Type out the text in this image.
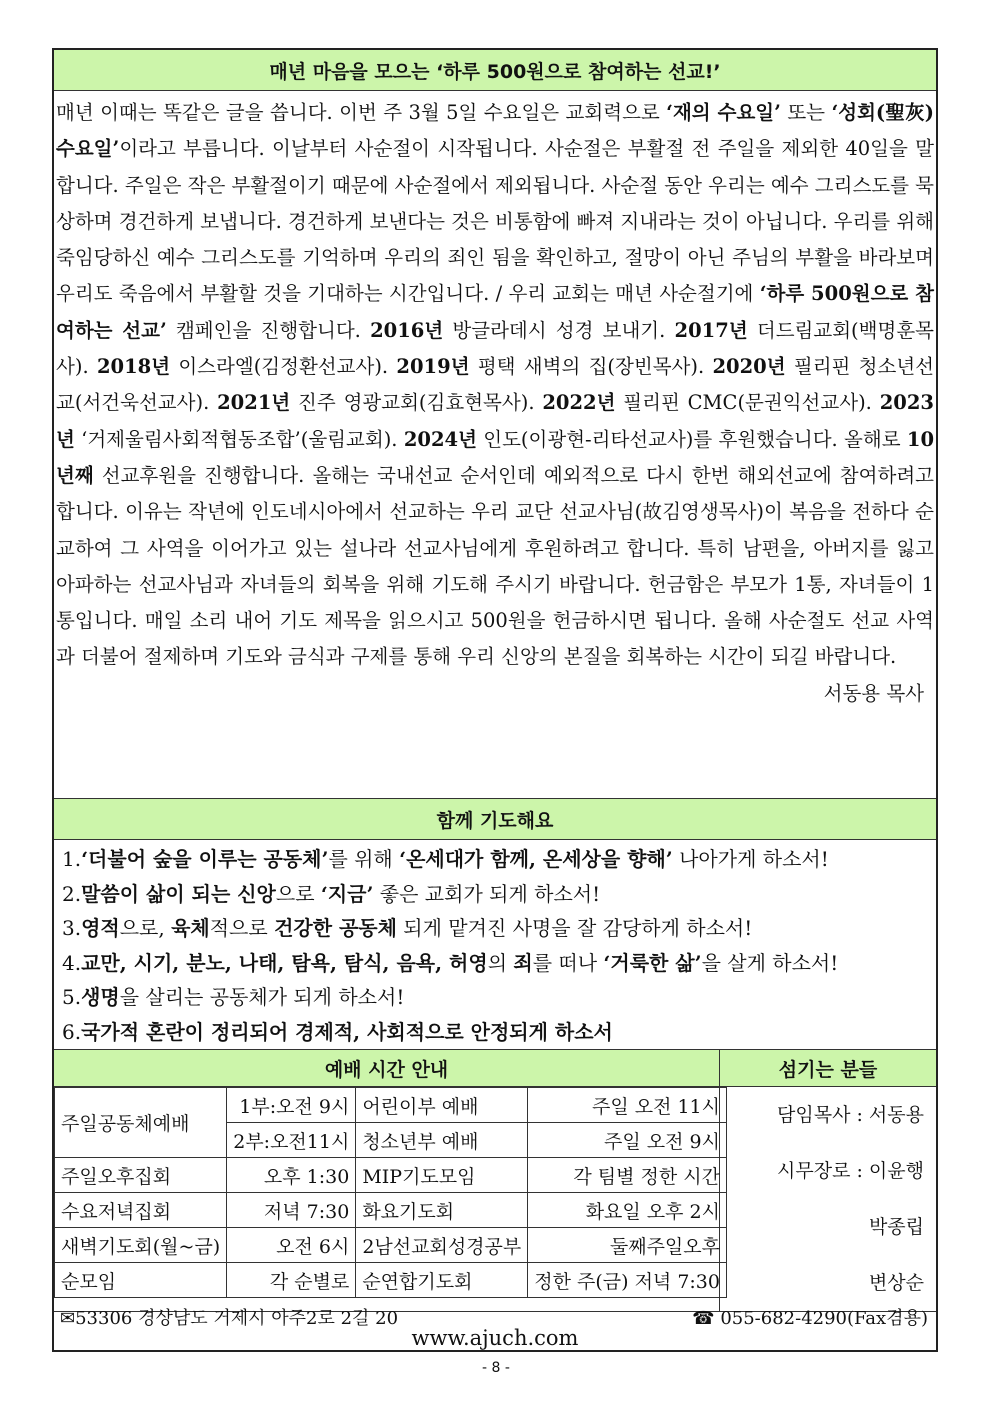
매년 마음을 모으는 ‘하루 500원으로 참여하는 선교!’

매년 이때는 똑같은 글을 씁니다. 이번 주 3월 5일 수요일은 교회력으로 ‘재의 수요일’ 또는 ‘성회(聖灰) 수요일’이라고 부릅니다. 이날부터 사순절이 시작됩니다. 사순절은 부활절 전 주일을 제외한 40일을 말합니다. 주일은 작은 부활절이기 때문에 사순절에서 제외됩니다. 사순절 동안 우리는 예수 그리스도를 묵상하며 경건하게 보냅니다. 경건하게 보낸다는 것은 비통함에 빠져 지내라는 것이 아닙니다. 우리를 위해 죽임당하신 예수 그리스도를 기억하며 우리의 죄인 됨을 확인하고, 절망이 아닌 주님의 부활을 바라보며 우리도 죽음에서 부활할 것을 기대하는 시간입니다. / 우리 교회는 매년 사순절기에 ‘하루 500원으로 참여하는 선교’ 캠페인을 진행합니다. 2016년 방글라데시 성경 보내기. 2017년 더드림교회(백명훈목사). 2018년 이스라엘(김정환선교사). 2019년 평택 새벽의 집(장빈목사). 2020년 필리핀 청소년선교(서건욱선교사). 2021년 진주 영광교회(김효현목사). 2022년 필리핀 CMC(문권익선교사). 2023년 ‘거제울림사회적협동조합’(울림교회). 2024년 인도(이광현-리타선교사)를 후원했습니다. 올해로 10년째 선교후원을 진행합니다. 올해는 국내선교 순서인데 예외적으로 다시 한번 해외선교에 참여하려고 합니다. 이유는 작년에 인도네시아에서 선교하는 우리 교단 선교사님(故김영생목사)이 복음을 전하다 순교하여 그 사역을 이어가고 있는 설나라 선교사님에게 후원하려고 합니다. 특히 남편을, 아버지를 잃고 아파하는 선교사님과 자녀들의 회복을 위해 기도해 주시기 바랍니다. 헌금함은 부모가 1통, 자녀들이 1통입니다. 매일 소리 내어 기도 제목을 읽으시고 500원을 헌금하시면 됩니다. 올해 사순절도 선교 사역과 더불어 절제하며 기도와 금식과 구제를 통해 우리 신앙의 본질을 회복하는 시간이 되길 바랍니다.

서동용 목사
함께 기도해요
1.‘더불어 숲을 이루는 공동체’를 위해 ‘온세대가 함께, 온세상을 향해’ 나아가게 하소서!
2.말씀이 삶이 되는 신앙으로 ‘지금’ 좋은 교회가 되게 하소서!
3.영적으로, 육체적으로 건강한 공동체 되게 맡겨진 사명을 잘 감당하게 하소서!
4.교만, 시기, 분노, 나태, 탐욕, 탐식, 음욕, 허영의 죄를 떠나 ‘거룩한 삶’을 살게 하소서!
5.생명을 살리는 공동체가 되게 하소서!
6.국가적 혼란이 정리되어 경제적, 사회적으로 안정되게 하소서
예배 시간 안내
주일공동체예배	1부:오전 9시	어린이부 예배	주일 오전 11시
	2부:오전11시	청소년부 예배	주일 오전 9시
주일오후집회	오후 1:30	MIP기도모임	각 팀별 정한 시간
수요저녁집회	저녁 7:30	화요기도회	화요일 오후 2시
새벽기도회(월~금)	오전 6시	2남선교회성경공부	둘째주일오후
순모임	각 순별로	순연합기도회	정한 주(금) 저녁 7:30
섬기는 분들
담임목사 : 서동용
시무장로 : 이윤행
박종립
변상순
✉53306 경상남도 거제시 아주2로 2길 20	☎ 055-682-4290(Fax겸용)
www.ajuch.com
- 8 -
